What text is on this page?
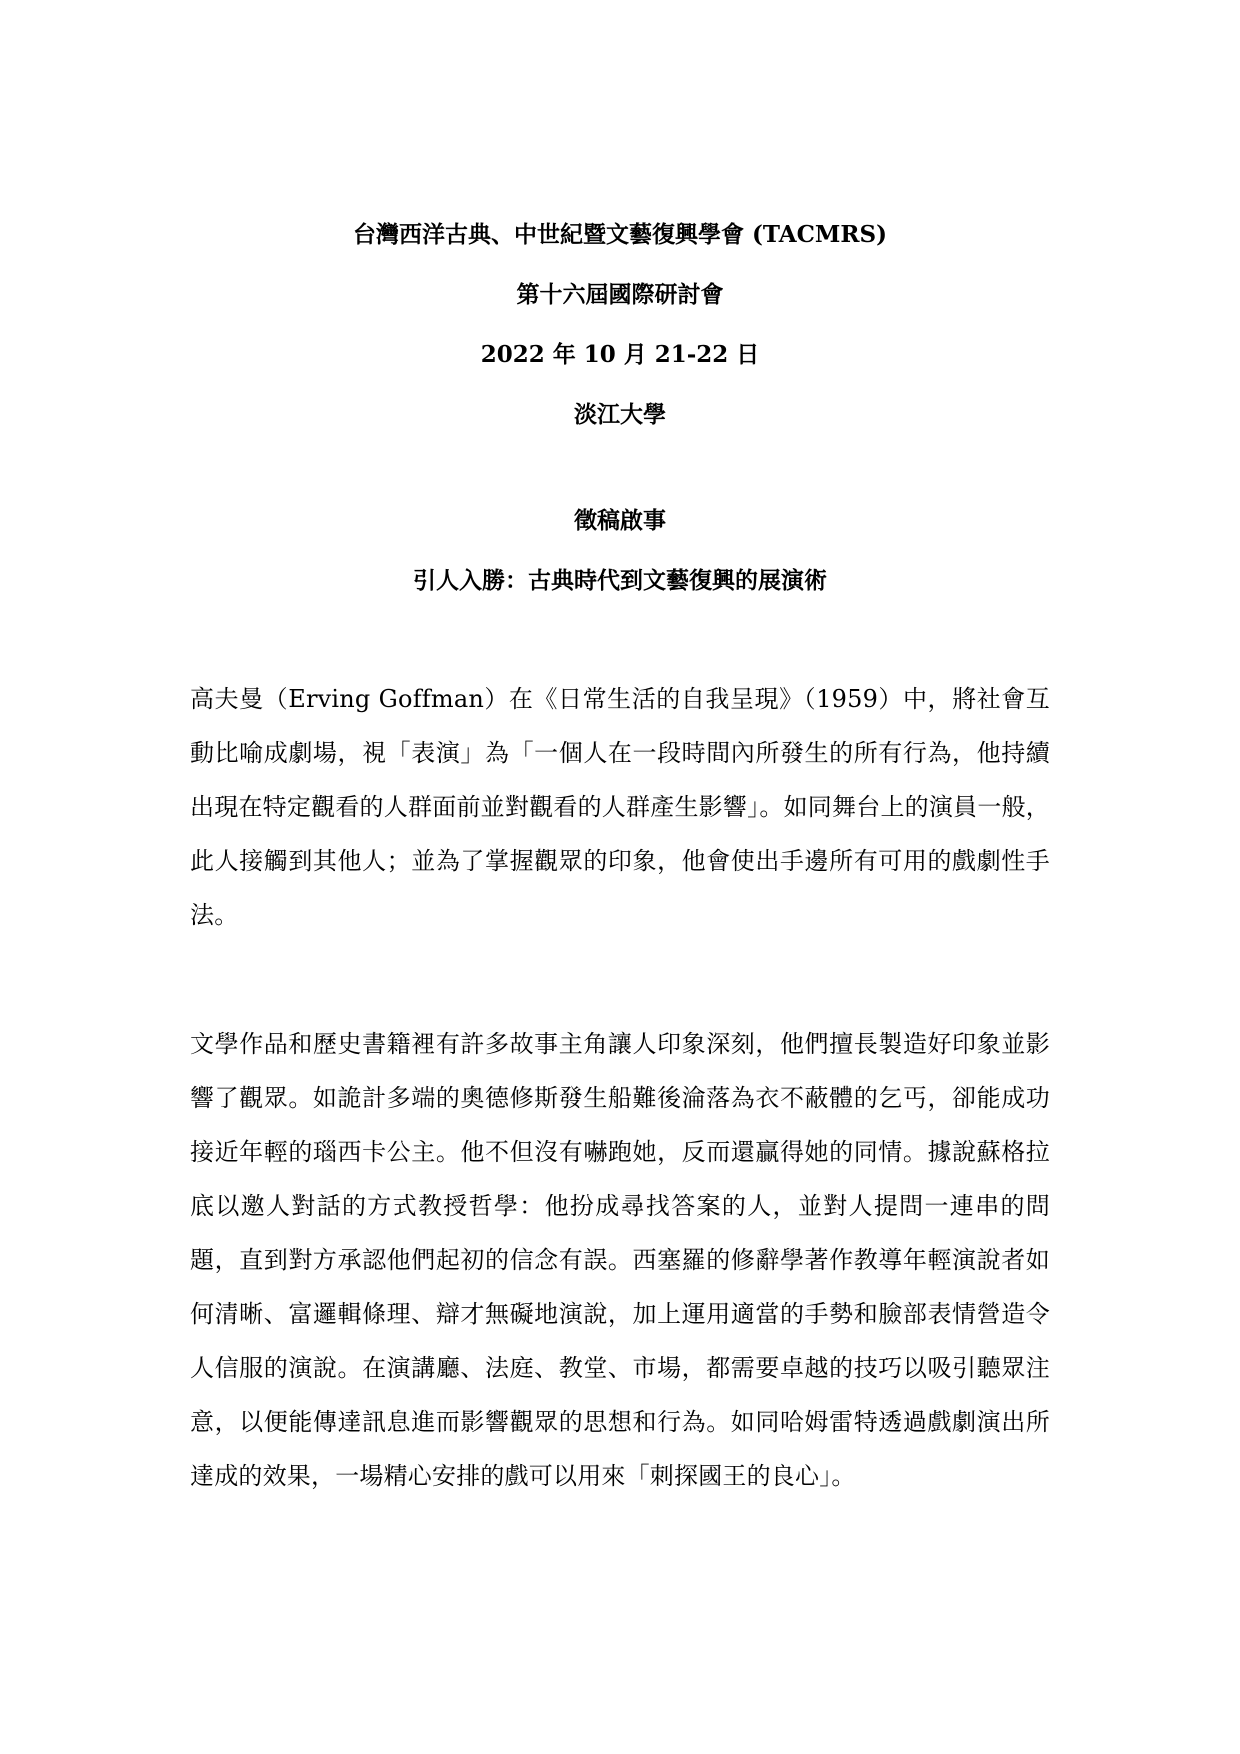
台灣西洋古典、中世紀暨文藝復興學會 (TACMRS)
第十六屆國際研討會
2022 年 10 月 21-22 日
淡江大學
徵稿啟事
引人入勝：古典時代到文藝復興的展演術

高夫曼（Erving Goffman）在《日常生活的自我呈現》（1959）中，將社會互動比喻成劇場，視「表演」為「一個人在一段時間內所發生的所有行為，他持續出現在特定觀看的人群面前並對觀看的人群產生影響」。如同舞台上的演員一般，此人接觸到其他人；並為了掌握觀眾的印象，他會使出手邊所有可用的戲劇性手法。

文學作品和歷史書籍裡有許多故事主角讓人印象深刻，他們擅長製造好印象並影響了觀眾。如詭計多端的奧德修斯發生船難後淪落為衣不蔽體的乞丐，卻能成功接近年輕的瑙西卡公主。他不但沒有嚇跑她，反而還贏得她的同情。據說蘇格拉底以邀人對話的方式教授哲學：他扮成尋找答案的人，並對人提問一連串的問題，直到對方承認他們起初的信念有誤。西塞羅的修辭學著作教導年輕演說者如何清晰、富邏輯條理、辯才無礙地演說，加上運用適當的手勢和臉部表情營造令人信服的演說。在演講廳、法庭、教堂、市場，都需要卓越的技巧以吸引聽眾注意，以便能傳達訊息進而影響觀眾的思想和行為。如同哈姆雷特透過戲劇演出所達成的效果，一場精心安排的戲可以用來「刺探國王的良心」。
